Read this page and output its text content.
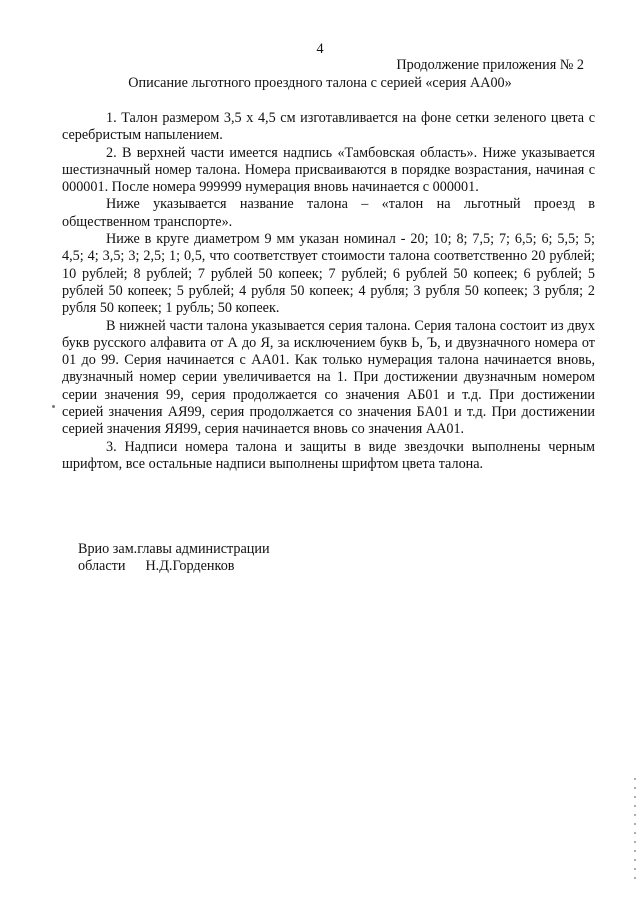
4
Продолжение приложения № 2
Описание льготного проездного талона с серией «серия АА00»

1. Талон размером 3,5 х 4,5 см изготавливается на фоне сетки зеленого цвета с серебристым напылением.

2. В верхней части имеется надпись «Тамбовская область». Ниже указывается шестизначный номер талона. Номера присваиваются в порядке возрастания, начиная с 000001. После номера 999999 нумерация вновь начинается с 000001.

Ниже указывается название талона – «талон на льготный проезд в общественном транспорте».

Ниже в круге диаметром 9 мм указан номинал - 20; 10; 8; 7,5; 7; 6,5; 6; 5,5; 5; 4,5; 4; 3,5; 3; 2,5; 1; 0,5, что соответствует стоимости талона соответственно 20 рублей; 10 рублей; 8 рублей; 7 рублей 50 копеек; 7 рублей; 6 рублей 50 копеек; 6 рублей; 5 рублей 50 копеек; 5 рублей; 4 рубля 50 копеек; 4 рубля; 3 рубля 50 копеек; 3 рубля; 2 рубля 50 копеек; 1 рубль; 50 копеек.

В нижней части талона указывается серия талона. Серия талона состоит из двух букв русского алфавита от А до Я, за исключением букв Ь, Ъ, и двузначного номера от 01 до 99. Серия начинается с АА01. Как только нумерация талона начинается вновь, двузначный номер серии увеличивается на 1. При достижении двузначным номером серии значения 99, серия продолжается со значения АБ01 и т.д. При достижении серией значения АЯ99, серия продолжается со значения БА01 и т.д. При достижении серией значения ЯЯ99, серия начинается вновь со значения АА01.

3. Надписи номера талона и защиты в виде звездочки выполнены черным шрифтом, все остальные надписи выполнены шрифтом цвета талона.

Врио зам.главы администрации
области Н.Д.Горденков
